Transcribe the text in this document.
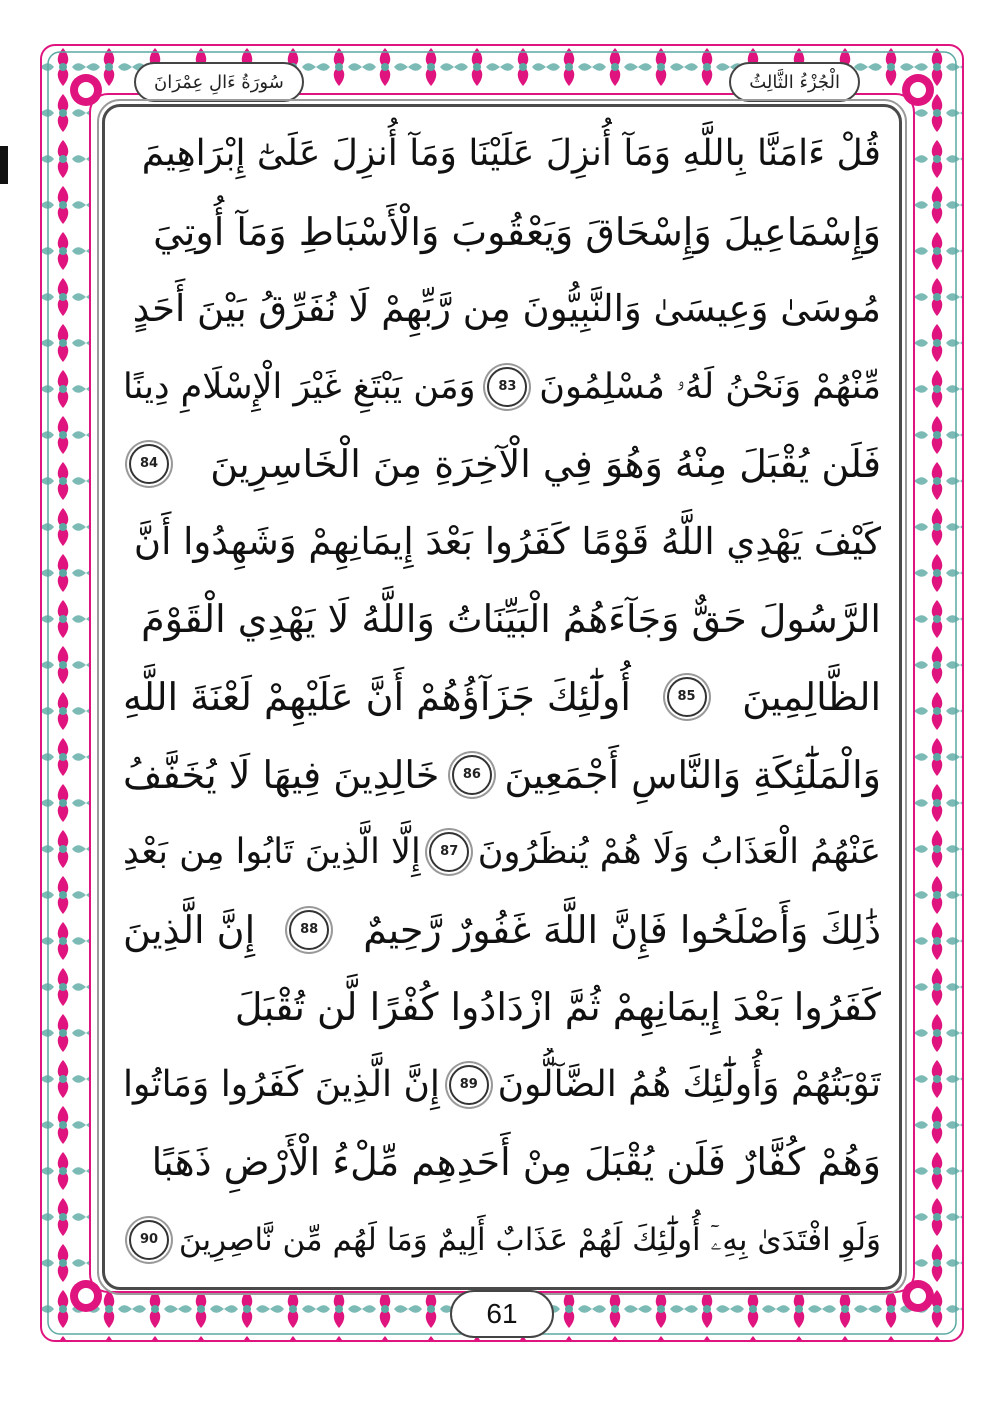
الْجُزْءُ الثَّالِثُ
سُورَةُ ءَالِ عِمْرَانَ
قُلْ ءَامَنَّا بِاللَّهِ وَمَآ أُنزِلَ عَلَيْنَا وَمَآ أُنزِلَ عَلَىٰٓ إِبْرَاهِيمَ
وَإِسْمَاعِيلَ وَإِسْحَاقَ وَيَعْقُوبَ وَالْأَسْبَاطِ وَمَآ أُوتِيَ
مُوسَىٰ وَعِيسَىٰ وَالنَّبِيُّونَ مِن رَّبِّهِمْ لَا نُفَرِّقُ بَيْنَ أَحَدٍ
مِّنْهُمْ وَنَحْنُ لَهُۥ مُسْلِمُونَ
83
وَمَن يَبْتَغِ غَيْرَ الْإِسْلَامِ دِينًا
فَلَن يُقْبَلَ مِنْهُ وَهُوَ فِي الْآخِرَةِ مِنَ الْخَاسِرِينَ
84
كَيْفَ يَهْدِي اللَّهُ قَوْمًا كَفَرُوا بَعْدَ إِيمَانِهِمْ وَشَهِدُوا أَنَّ
الرَّسُولَ حَقٌّ وَجَآءَهُمُ الْبَيِّنَاتُ وَاللَّهُ لَا يَهْدِي الْقَوْمَ
الظَّالِمِينَ
85
أُولَٰٓئِكَ جَزَآؤُهُمْ أَنَّ عَلَيْهِمْ لَعْنَةَ اللَّهِ
وَالْمَلَٰٓئِكَةِ وَالنَّاسِ أَجْمَعِينَ
86
خَالِدِينَ فِيهَا لَا يُخَفَّفُ
عَنْهُمُ الْعَذَابُ وَلَا هُمْ يُنظَرُونَ
87
إِلَّا الَّذِينَ تَابُوا مِن بَعْدِ
ذَٰلِكَ وَأَصْلَحُوا فَإِنَّ اللَّهَ غَفُورٌ رَّحِيمٌ
88
إِنَّ الَّذِينَ
كَفَرُوا بَعْدَ إِيمَانِهِمْ ثُمَّ ازْدَادُوا كُفْرًا لَّن تُقْبَلَ
تَوْبَتُهُمْ وَأُولَٰٓئِكَ هُمُ الضَّآلُّونَ
89
إِنَّ الَّذِينَ كَفَرُوا وَمَاتُوا
وَهُمْ كُفَّارٌ فَلَن يُقْبَلَ مِنْ أَحَدِهِم مِّلْءُ الْأَرْضِ ذَهَبًا
وَلَوِ افْتَدَىٰ بِهِۦٓ أُولَٰٓئِكَ لَهُمْ عَذَابٌ أَلِيمٌ وَمَا لَهُم مِّن نَّاصِرِينَ
90
61
